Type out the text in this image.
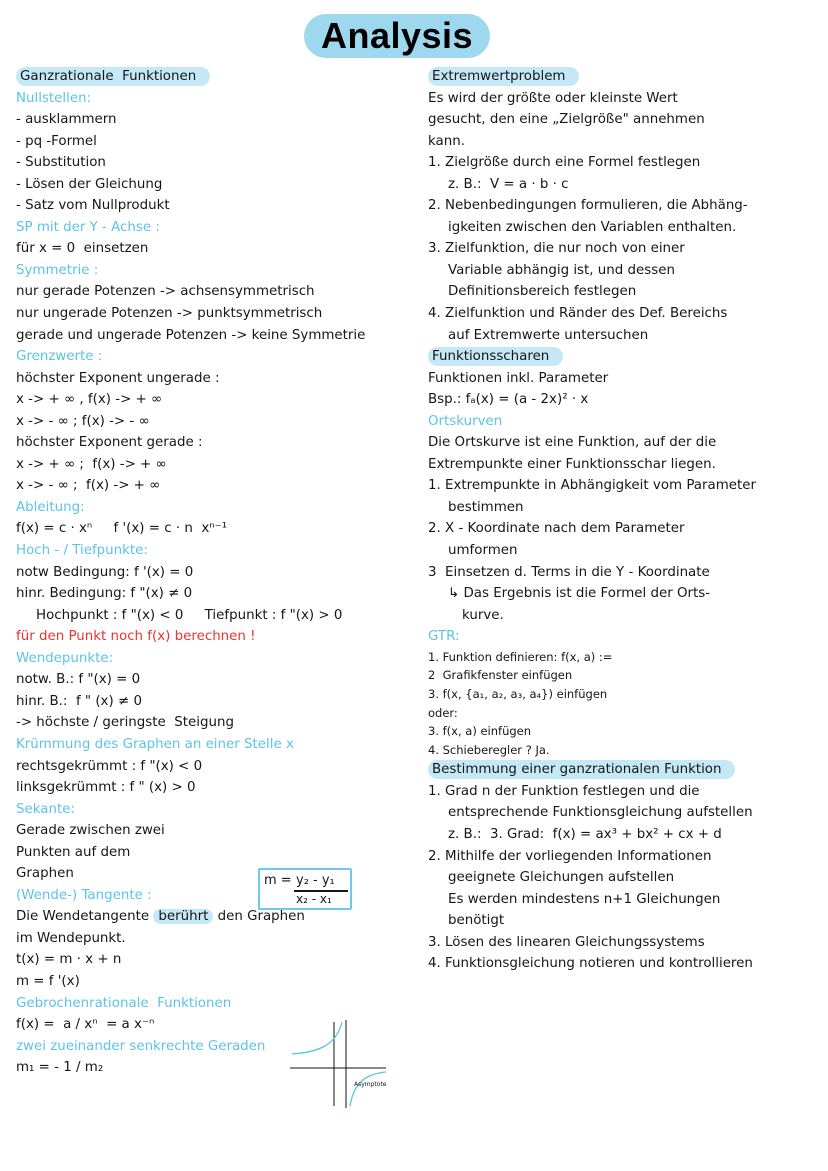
Analysis
Ganzrationale  Funktionen
Nullstellen:
- ausklammern
- pq -Formel
- Substitution
- Lösen der Gleichung
- Satz vom Nullprodukt
SP mit der Y - Achse :
für x = 0  einsetzen
Symmetrie :
nur gerade Potenzen -> achsensymmetrisch
nur ungerade Potenzen -> punktsymmetrisch
gerade und ungerade Potenzen -> keine Symmetrie
Grenzwerte :
höchster Exponent ungerade :
x -> + ∞ , f(x) -> + ∞
x -> - ∞ ; f(x) -> - ∞
höchster Exponent gerade :
x -> + ∞ ;  f(x) -> + ∞
x -> - ∞ ;  f(x) -> + ∞
Ableitung:
f(x) = c · xⁿ     f '(x) = c · n  xⁿ⁻¹
Hoch - / Tiefpunkte:
notw Bedingung: f '(x) = 0
hinr. Bedingung: f "(x) ≠ 0
Hochpunkt : f "(x) < 0     Tiefpunkt : f "(x) > 0
für den Punkt noch f(x) berechnen !
Wendepunkte:
notw. B.: f "(x) = 0
hinr. B.:  f " (x) ≠ 0
-> höchste / geringste  Steigung
Krümmung des Graphen an einer Stelle x
rechtsgekrümmt : f "(x) < 0
linksgekrümmt : f " (x) > 0
Sekante:
Gerade zwischen zwei
Punkten auf dem
Graphen
(Wende-) Tangente :
Die Wendetangente berührt den Graphen
im Wendepunkt.
t(x) = m · x + n
m = f '(x)
Gebrochenrationale  Funktionen
f(x) =  a / xⁿ  = a x⁻ⁿ
zwei zueinander senkrechte Geraden
m₁ = - 1 / m₂
Extremwertproblem
Es wird der größte oder kleinste Wert
gesucht, den eine „Zielgröße" annehmen
kann.
1. Zielgröße durch eine Formel festlegen
z. B.:  V = a · b · c
2. Nebenbedingungen formulieren, die Abhäng-
igkeiten zwischen den Variablen enthalten.
3. Zielfunktion, die nur noch von einer
Variable abhängig ist, und dessen
Definitionsbereich festlegen
4. Zielfunktion und Ränder des Def. Bereichs
auf Extremwerte untersuchen
Funktionsscharen
Funktionen inkl. Parameter
Bsp.: fₐ(x) = (a - 2x)² · x
Ortskurven
Die Ortskurve ist eine Funktion, auf der die
Extrempunkte einer Funktionsschar liegen.
1. Extrempunkte in Abhängigkeit vom Parameter
bestimmen
2. X - Koordinate nach dem Parameter
umformen
3  Einsetzen d. Terms in die Y - Koordinate
↳ Das Ergebnis ist die Formel der Orts-
kurve.
GTR:
1. Funktion definieren: f(x, a) :=
2  Grafikfenster einfügen
3. f(x, {a₁, a₂, a₃, a₄}) einfügen
oder:
3. f(x, a) einfügen
4. Schieberegler ? Ja.
Bestimmung einer ganzrationalen Funktion
1. Grad n der Funktion festlegen und die
entsprechende Funktionsgleichung aufstellen
z. B.:  3. Grad:  f(x) = ax³ + bx² + cx + d
2. Mithilfe der vorliegenden Informationen
geeignete Gleichungen aufstellen
Es werden mindestens n+1 Gleichungen
benötigt
3. Lösen des linearen Gleichungssystems
4. Funktionsgleichung notieren und kontrollieren
m = y₂ - y₁
x₂ - x₁
Asymptote
